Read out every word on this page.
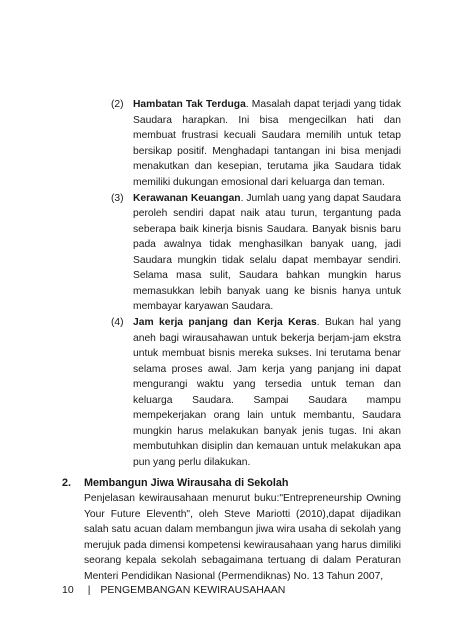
(2) Hambatan Tak Terduga. Masalah dapat terjadi yang tidak Saudara harapkan. Ini bisa mengecilkan hati dan membuat frustrasi kecuali Saudara memilih untuk tetap bersikap positif. Menghadapi tantangan ini bisa menjadi menakutkan dan kesepian, terutama jika Saudara tidak memiliki dukungan emosional dari keluarga dan teman.
(3) Kerawanan Keuangan. Jumlah uang yang dapat Saudara peroleh sendiri dapat naik atau turun, tergantung pada seberapa baik kinerja bisnis Saudara. Banyak bisnis baru pada awalnya tidak menghasilkan banyak uang, jadi Saudara mungkin tidak selalu dapat membayar sendiri. Selama masa sulit, Saudara bahkan mungkin harus memasukkan lebih banyak uang ke bisnis hanya untuk membayar karyawan Saudara.
(4) Jam kerja panjang dan Kerja Keras. Bukan hal yang aneh bagi wirausahawan untuk bekerja berjam-jam ekstra untuk membuat bisnis mereka sukses. Ini terutama benar selama proses awal. Jam kerja yang panjang ini dapat mengurangi waktu yang tersedia untuk teman dan keluarga Saudara. Sampai Saudara mampu mempekerjakan orang lain untuk membantu, Saudara mungkin harus melakukan banyak jenis tugas. Ini akan membutuhkan disiplin dan kemauan untuk melakukan apa pun yang perlu dilakukan.
2. Membangun Jiwa Wirausaha di Sekolah

Penjelasan kewirausahaan menurut buku:"Entrepreneurship Owning Your Future Eleventh", oleh Steve Mariotti (2010),dapat dijadikan salah satu acuan dalam membangun jiwa wira usaha di sekolah yang merujuk pada dimensi kompetensi kewirausahaan yang harus dimiliki seorang kepala sekolah sebagaimana tertuang di dalam Peraturan Menteri Pendidikan Nasional (Permendiknas) No. 13 Tahun 2007,

10 | PENGEMBANGAN KEWIRAUSAHAAN
